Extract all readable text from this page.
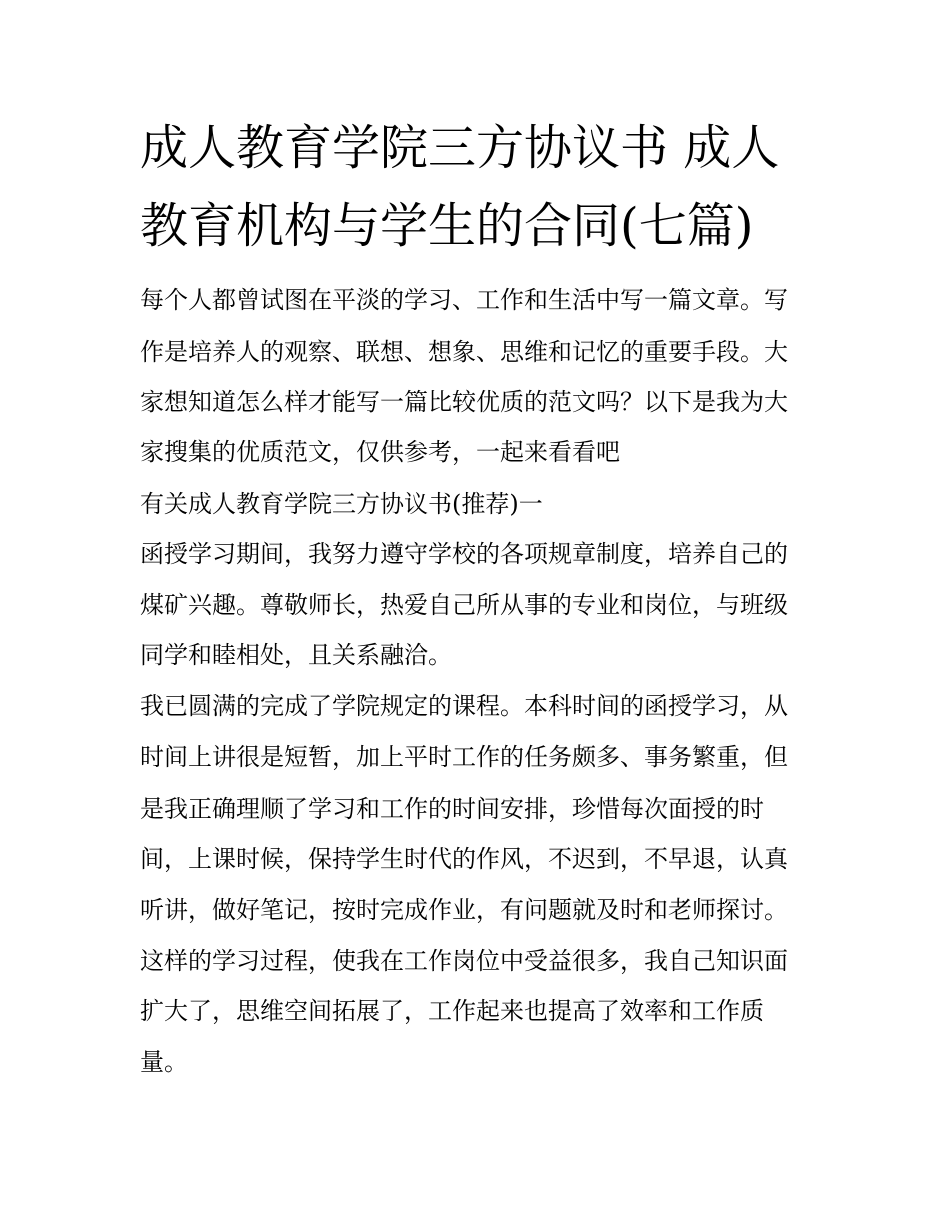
成人教育学院三方协议书 成人
教育机构与学生的合同(七篇)

每个人都曾试图在平淡的学习、工作和生活中写一篇文章。写

作是培养人的观察、联想、想象、思维和记忆的重要手段。大

家想知道怎么样才能写一篇比较优质的范文吗？以下是我为大

家搜集的优质范文，仅供参考，一起来看看吧

有关成人教育学院三方协议书(推荐)一

函授学习期间，我努力遵守学校的各项规章制度，培养自己的

煤矿兴趣。尊敬师长，热爱自己所从事的专业和岗位，与班级

同学和睦相处，且关系融洽。

我已圆满的完成了学院规定的课程。本科时间的函授学习，从

时间上讲很是短暂，加上平时工作的任务颇多、事务繁重，但

是我正确理顺了学习和工作的时间安排，珍惜每次面授的时

间，上课时候，保持学生时代的作风，不迟到，不早退，认真

听讲，做好笔记，按时完成作业，有问题就及时和老师探讨。

这样的学习过程，使我在工作岗位中受益很多，我自己知识面

扩大了，思维空间拓展了，工作起来也提高了效率和工作质

量。
